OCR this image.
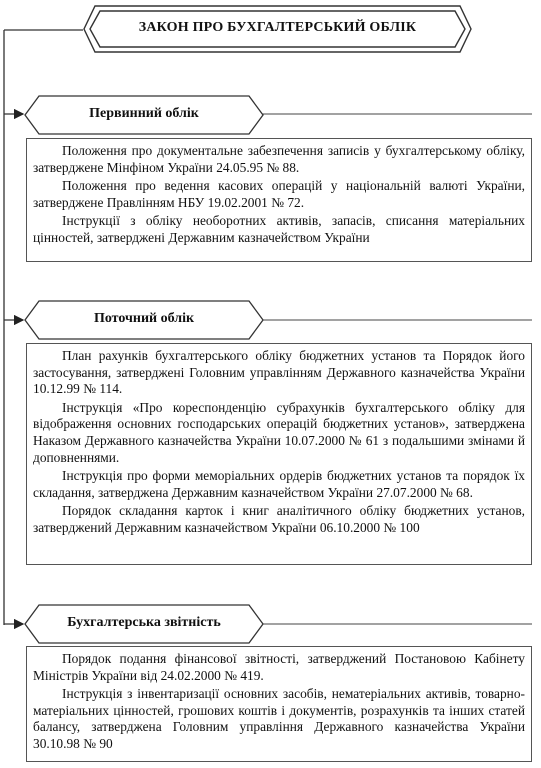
ЗАКОН ПРО БУХГАЛТЕРСЬКИЙ ОБЛІК
Первинний облік

Положення про документальне забезпечення записів у бухгалтерському обліку, затверджене Мінфіном України 24.05.95 № 88.

Положення про ведення касових операцій у національній валюті України, затверджене Правлінням НБУ 19.02.2001 № 72.

Інструкції з обліку необоротних активів, запасів, списання матеріальних цінностей, затверджені Державним казначейством України

Поточний облік

План рахунків бухгалтерського обліку бюджетних установ та Порядок його застосування, затверджені Головним управлінням Державного казначейства України 10.12.99 № 114.

Інструкція «Про кореспонденцію субрахунків бухгалтерського обліку для відображення основних господарських операцій бюджетних установ», затверджена Наказом Державного казначейства України 10.07.2000 № 61 з подальшими змінами й доповненнями.

Інструкція про форми меморіальних ордерів бюджетних установ та порядок їх складання, затверджена Державним казначейством України 27.07.2000 № 68.

Порядок складання карток і книг аналітичного обліку бюджетних установ, затверджений Державним казначейством України 06.10.2000 № 100

Бухгалтерська звітність

Порядок подання фінансової звітності, затверджений Постановою Кабінету Міністрів України від 24.02.2000 № 419.

Інструкція з інвентаризації основних засобів, нематеріальних активів, товарно-матеріальних цінностей, грошових коштів і документів, розрахунків та інших статей балансу, затверджена Головним управління Державного казначейства України 30.10.98 № 90
